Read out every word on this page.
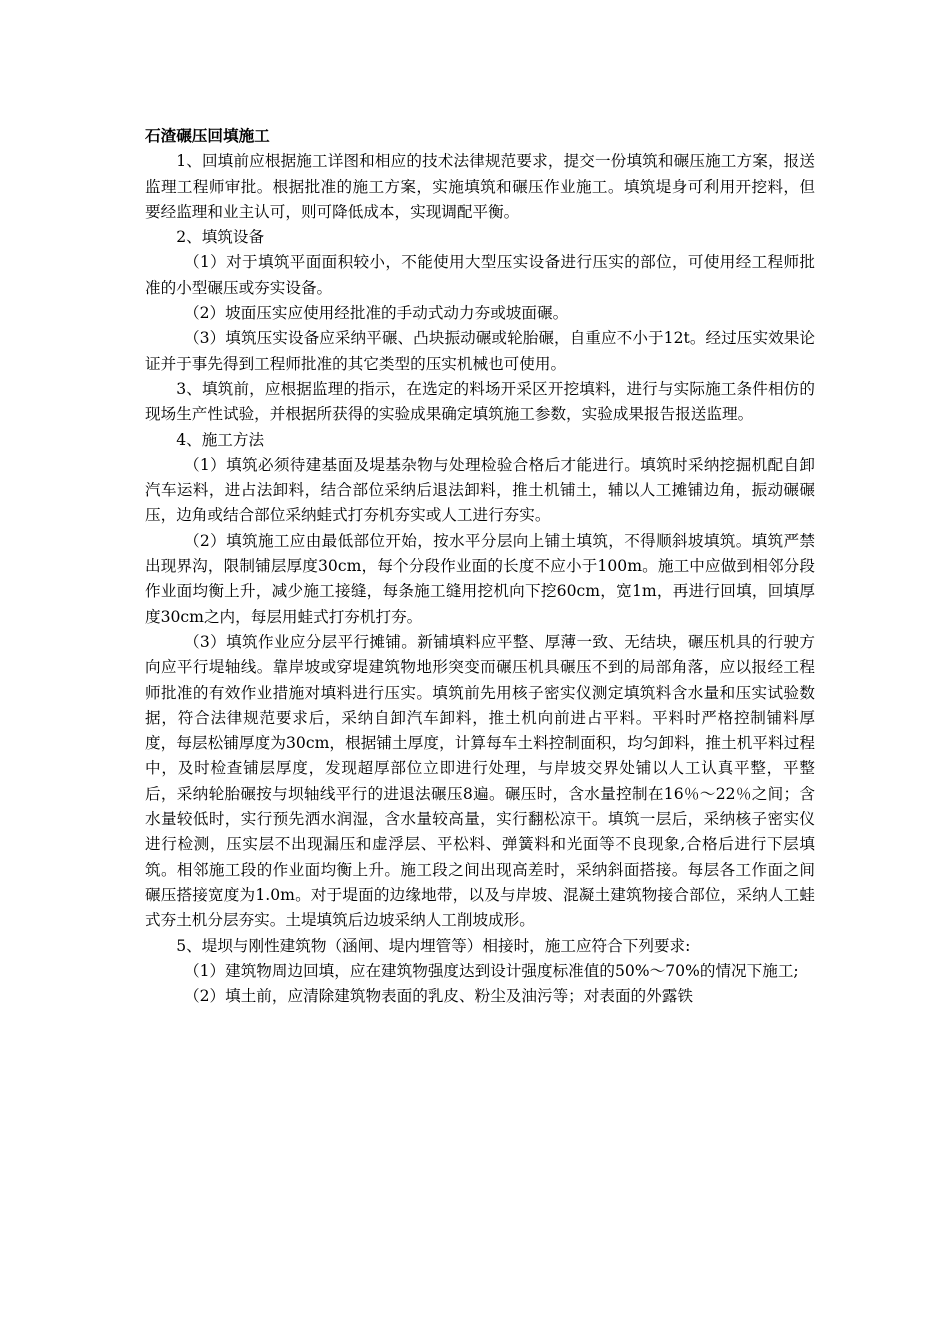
石渣碾压回填施工

1、回填前应根据施工详图和相应的技术法律规范要求，提交一份填筑和碾压施工方案，报送监理工程师审批。根据批准的施工方案，实施填筑和碾压作业施工。填筑堤身可利用开挖料，但要经监理和业主认可，则可降低成本，实现调配平衡。

2、填筑设备

（1）对于填筑平面面积较小，不能使用大型压实设备进行压实的部位，可使用经工程师批准的小型碾压或夯实设备。

（2）坡面压实应使用经批准的手动式动力夯或坡面碾。

（3）填筑压实设备应采纳平碾、凸块振动碾或轮胎碾，自重应不小于12t。经过压实效果论证并于事先得到工程师批准的其它类型的压实机械也可使用。

3、填筑前，应根据监理的指示，在选定的料场开采区开挖填料，进行与实际施工条件相仿的现场生产性试验，并根据所获得的实验成果确定填筑施工参数，实验成果报告报送监理。

4、施工方法

（1）填筑必须待建基面及堤基杂物与处理检验合格后才能进行。填筑时采纳挖掘机配自卸汽车运料，进占法卸料，结合部位采纳后退法卸料，推土机铺土，辅以人工摊铺边角，振动碾碾压，边角或结合部位采纳蛙式打夯机夯实或人工进行夯实。

（2）填筑施工应由最低部位开始，按水平分层向上铺土填筑，不得顺斜坡填筑。填筑严禁出现界沟，限制铺层厚度30cm，每个分段作业面的长度不应小于100m。施工中应做到相邻分段作业面均衡上升，减少施工接缝，每条施工缝用挖机向下挖60cm，宽1m，再进行回填，回填厚度30cm之内，每层用蛙式打夯机打夯。

（3）填筑作业应分层平行摊铺。新铺填料应平整、厚薄一致、无结块，碾压机具的行驶方向应平行堤轴线。靠岸坡或穿堤建筑物地形突变而碾压机具碾压不到的局部角落，应以报经工程师批准的有效作业措施对填料进行压实。填筑前先用核子密实仪测定填筑料含水量和压实试验数据，符合法律规范要求后，采纳自卸汽车卸料，推土机向前进占平料。平料时严格控制铺料厚度，每层松铺厚度为30cm，根据铺土厚度，计算每车土料控制面积，均匀卸料，推土机平料过程中，及时检查铺层厚度，发现超厚部位立即进行处理，与岸坡交界处铺以人工认真平整，平整后，采纳轮胎碾按与坝轴线平行的进退法碾压8遍。碾压时，含水量控制在16％～22％之间；含水量较低时，实行预先洒水润湿，含水量较高量，实行翻松凉干。填筑一层后，采纳核子密实仪进行检测，压实层不出现漏压和虚浮层、平松料、弹簧料和光面等不良现象,合格后进行下层填筑。相邻施工段的作业面均衡上升。施工段之间出现高差时，采纳斜面搭接。每层各工作面之间碾压搭接宽度为1.0m。对于堤面的边缘地带，以及与岸坡、混凝土建筑物接合部位，采纳人工蛙式夯土机分层夯实。土堤填筑后边坡采纳人工削坡成形。

5、堤坝与刚性建筑物（涵闸、堤内埋管等）相接时，施工应符合下列要求:

（1）建筑物周边回填，应在建筑物强度达到设计强度标准值的50%～70%的情况下施工;

（2）填土前，应清除建筑物表面的乳皮、粉尘及油污等；对表面的外露铁
